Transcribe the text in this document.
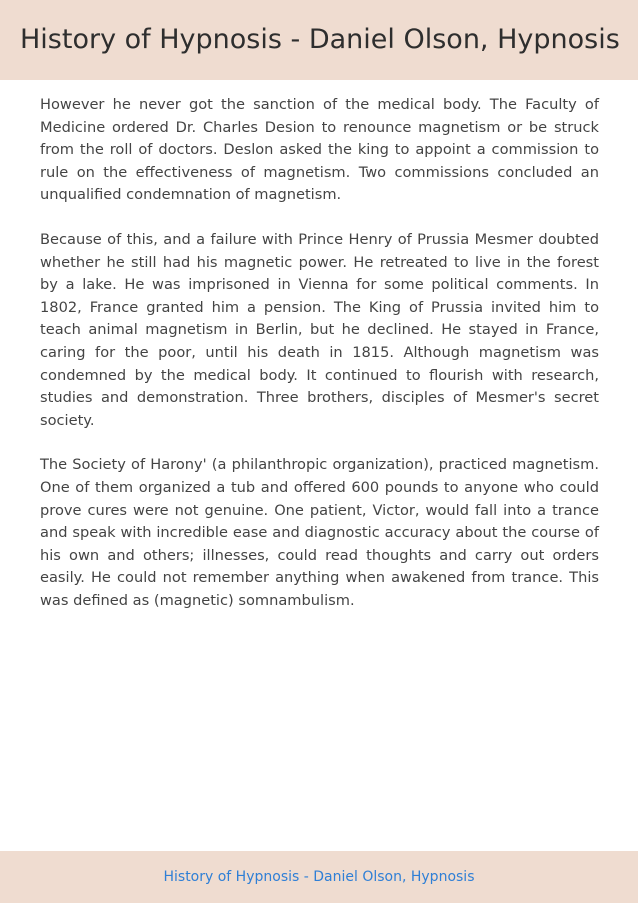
History of Hypnosis - Daniel Olson, Hypnosis

However he never got the sanction of the medical body. The Faculty of Medicine ordered Dr. Charles Desion to renounce magnetism or be struck from the roll of doctors. Deslon asked the king to appoint a commission to rule on the effectiveness of magnetism. Two commissions concluded an unqualified condemnation of magnetism.

Because of this, and a failure with Prince Henry of Prussia Mesmer doubted whether he still had his magnetic power. He retreated to live in the forest by a lake. He was imprisoned in Vienna for some political comments. In 1802, France granted him a pension. The King of Prussia invited him to teach animal magnetism in Berlin, but he declined. He stayed in France, caring for the poor, until his death in 1815. Although magnetism was condemned by the medical body. It continued to flourish with research, studies and demonstration. Three brothers, disciples of Mesmer's secret society.

The Society of Harony' (a philanthropic organization), practiced magnetism. One of them organized a tub and offered 600 pounds to anyone who could prove cures were not genuine. One patient, Victor, would fall into a trance and speak with incredible ease and diagnostic accuracy about the course of his own and others; illnesses, could read thoughts and carry out orders easily. He could not remember anything when awakened from trance. This was defined as (magnetic) somnambulism.

History of Hypnosis - Daniel Olson, Hypnosis
